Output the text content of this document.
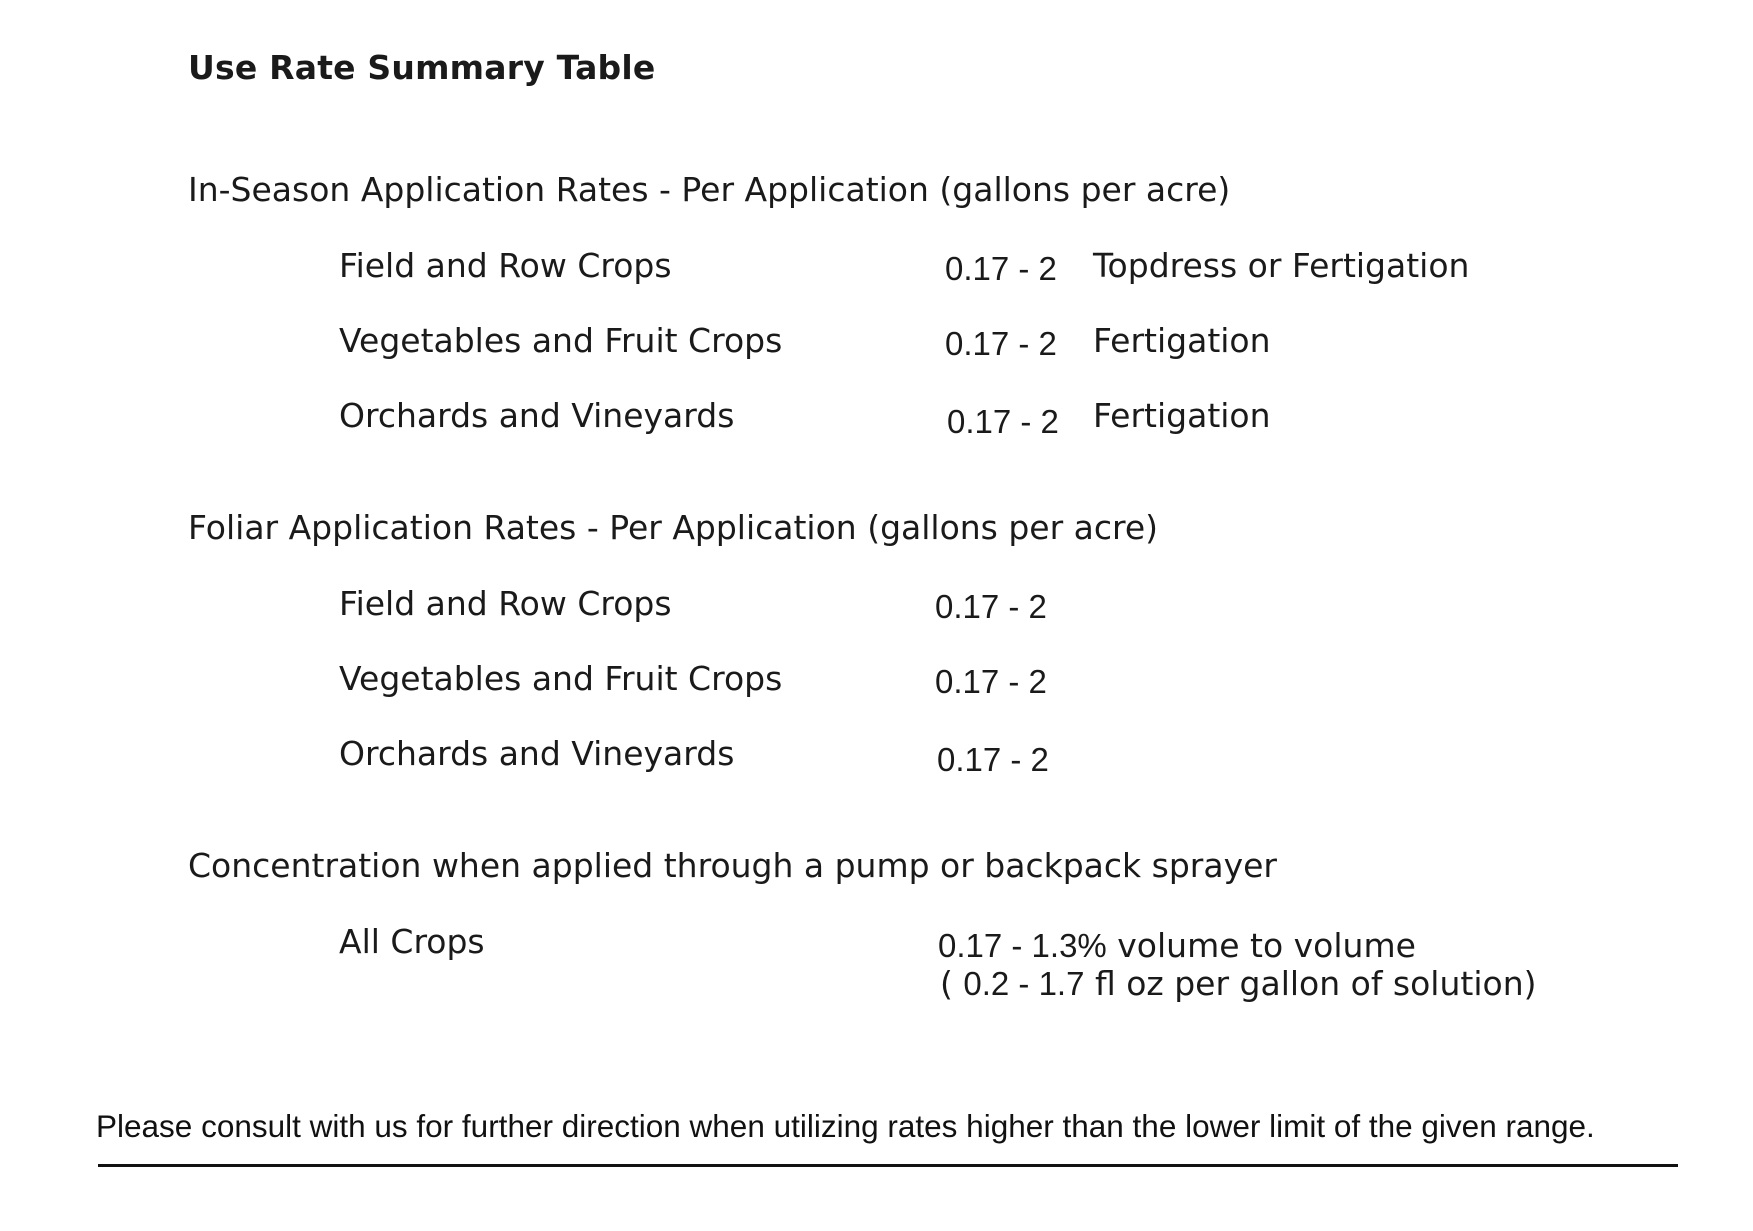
Use Rate Summary Table
In-Season Application Rates - Per Application (gallons per acre)
Field and Row Crops	0.17 - 2 Topdress or Fertigation
Vegetables and Fruit Crops	0.17 - 2 Fertigation
Orchards and Vineyards	0.17 - 2 Fertigation
Foliar Application Rates - Per Application (gallons per acre)
Field and Row Crops	0.17 - 2
Vegetables and Fruit Crops	0.17 - 2
Orchards and Vineyards	0.17 - 2
Concentration when applied through a pump or backpack sprayer
All Crops	0.17 - 1.3% volume to volume
( 0.2 - 1.7 fl oz per gallon of solution)
Please consult with us for further direction when utilizing rates higher than the lower limit of the given range.
